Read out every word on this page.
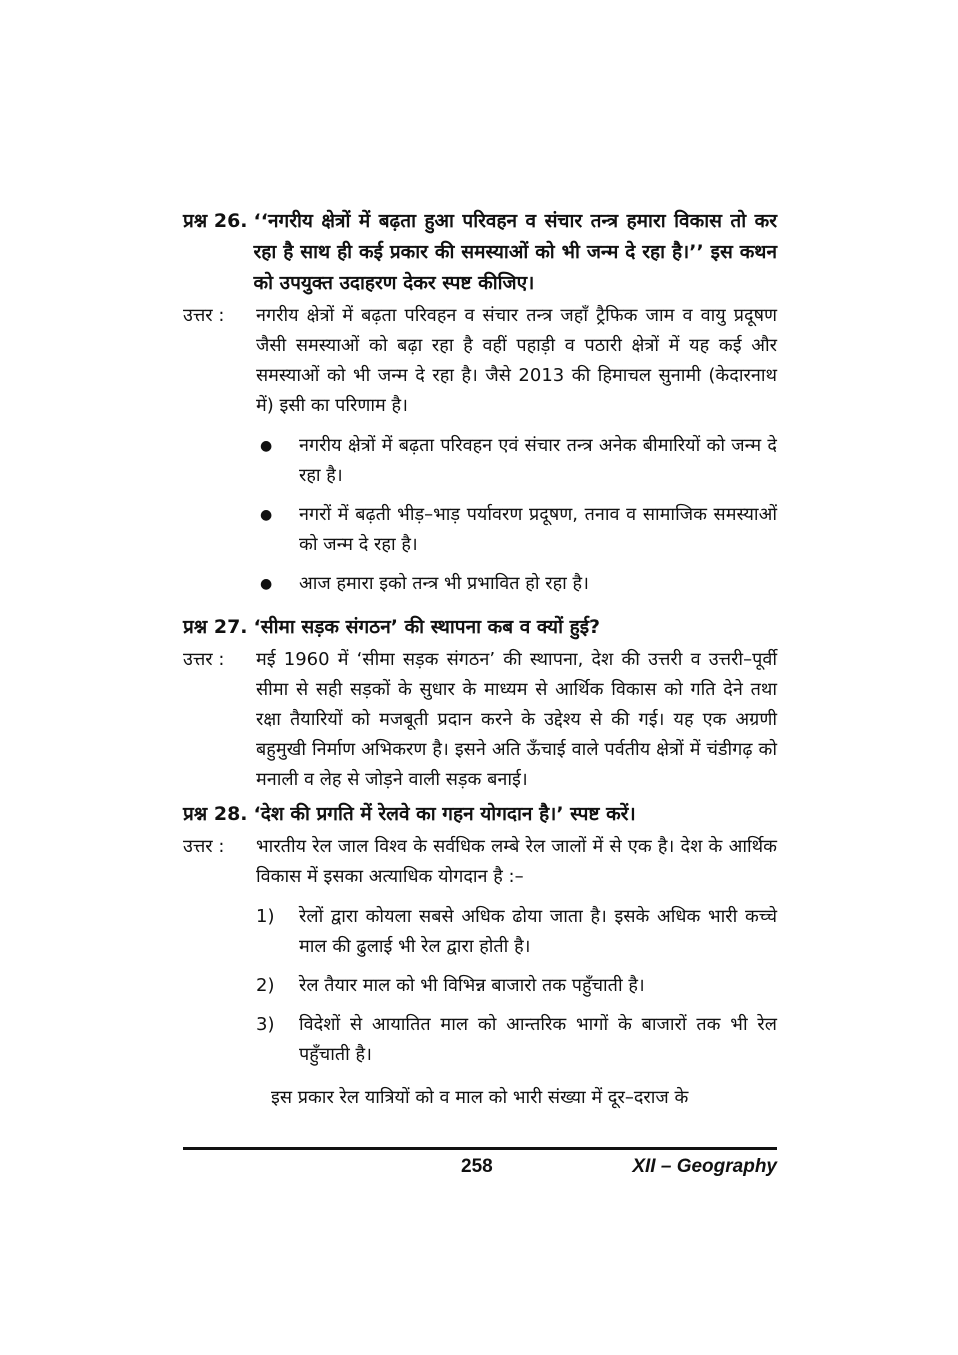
प्रश्न 26. ‘‘नगरीय क्षेत्रों में बढ़ता हुआ परिवहन व संचार तन्त्र हमारा विकास तो कर रहा है साथ ही कई प्रकार की समस्याओं को भी जन्म दे रहा है।’’ इस कथन को उपयुक्त उदाहरण देकर स्पष्ट कीजिए।
उत्तर :	नगरीय क्षेत्रों में बढ़ता परिवहन व संचार तन्त्र जहाँ ट्रैफिक जाम व वायु प्रदूषण जैसी समस्याओं को बढ़ा रहा है वहीं पहाड़ी व पठारी क्षेत्रों में यह कई और समस्याओं को भी जन्म दे रहा है। जैसे 2013 की हिमाचल सुनामी (केदारनाथ में) इसी का परिणाम है।
●	नगरीय क्षेत्रों में बढ़ता परिवहन एवं संचार तन्त्र अनेक बीमारियों को जन्म दे रहा है।
●	नगरों में बढ़ती भीड़–भाड़ पर्यावरण प्रदूषण, तनाव व सामाजिक समस्याओं को जन्म दे रहा है।
●	आज हमारा इको तन्त्र भी प्रभावित हो रहा है।
प्रश्न 27. ‘सीमा सड़क संगठन’ की स्थापना कब व क्यों हुई?
उत्तर :	मई 1960 में ‘सीमा सड़क संगठन’ की स्थापना, देश की उत्तरी व उत्तरी–पूर्वी सीमा से सही सड़कों के सुधार के माध्यम से आर्थिक विकास को गति देने तथा रक्षा तैयारियों को मजबूती प्रदान करने के उद्देश्य से की गई। यह एक अग्रणी बहुमुखी निर्माण अभिकरण है। इसने अति ऊँचाई वाले पर्वतीय क्षेत्रों में चंडीगढ़ को मनाली व लेह से जोड़ने वाली सड़क बनाई।
प्रश्न 28. ‘देश की प्रगति में रेलवे का गहन योगदान है।’ स्पष्ट करें।
उत्तर :	भारतीय रेल जाल विश्व के सर्वधिक लम्बे रेल जालों में से एक है। देश के आर्थिक विकास में इसका अत्याधिक योगदान है :–
1)	रेलों द्वारा कोयला सबसे अधिक ढोया जाता है। इसके अधिक भारी कच्चे माल की ढुलाई भी रेल द्वारा होती है।
2)	रेल तैयार माल को भी विभिन्न बाजारो तक पहुँचाती है।
3)	विदेशों से आयातित माल को आन्तरिक भागों के बाजारों तक भी रेल पहुँचाती है।
इस प्रकार रेल यात्रियों को व माल को भारी संख्या में दूर–दराज के
258	XII – Geography
